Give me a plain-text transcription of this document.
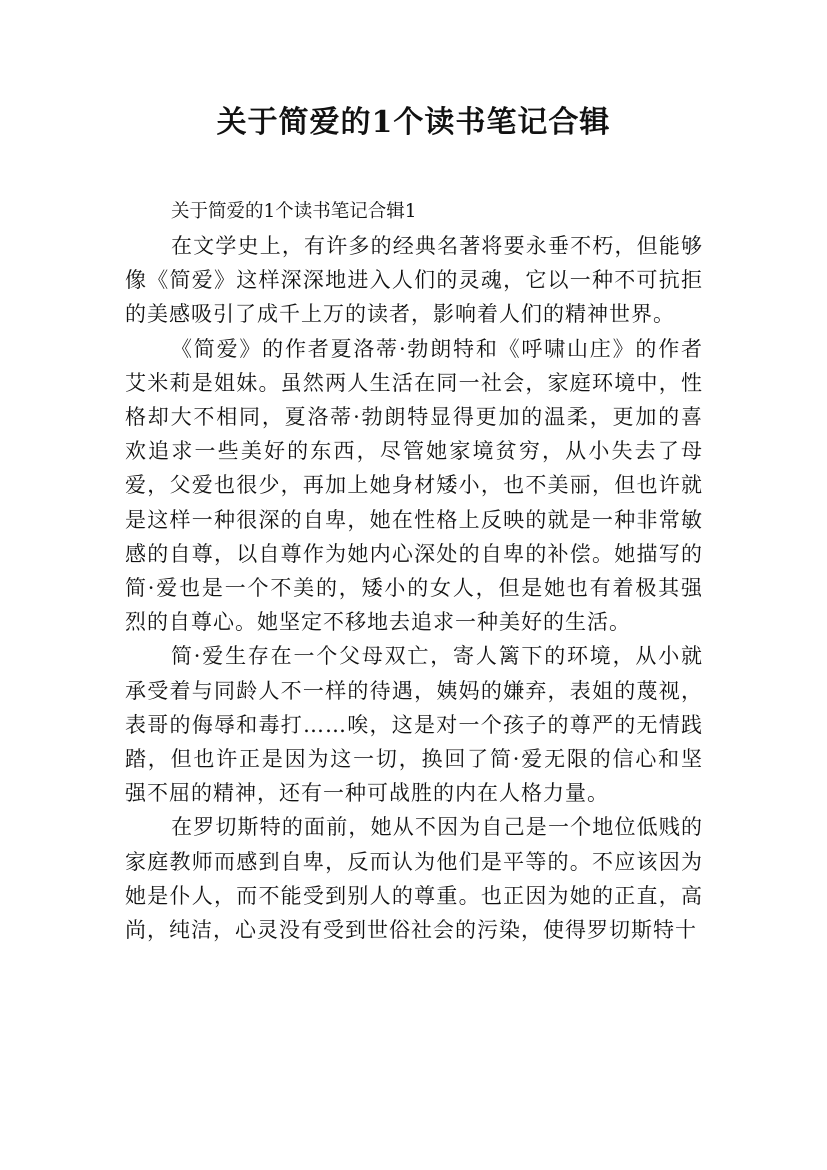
关于简爱的1个读书笔记合辑

关于简爱的1个读书笔记合辑1

在文学史上，有许多的经典名著将要永垂不朽，但能够像《简爱》这样深深地进入人们的灵魂，它以一种不可抗拒的美感吸引了成千上万的读者，影响着人们的精神世界。

《简爱》的作者夏洛蒂·勃朗特和《呼啸山庄》的作者艾米莉是姐妹。虽然两人生活在同一社会，家庭环境中，性格却大不相同，夏洛蒂·勃朗特显得更加的温柔，更加的喜欢追求一些美好的东西，尽管她家境贫穷，从小失去了母爱，父爱也很少，再加上她身材矮小，也不美丽，但也许就是这样一种很深的自卑，她在性格上反映的就是一种非常敏感的自尊，以自尊作为她内心深处的自卑的补偿。她描写的简·爱也是一个不美的，矮小的女人，但是她也有着极其强烈的自尊心。她坚定不移地去追求一种美好的生活。

简·爱生存在一个父母双亡，寄人篱下的环境，从小就承受着与同龄人不一样的待遇，姨妈的嫌弃，表姐的蔑视，表哥的侮辱和毒打……唉，这是对一个孩子的尊严的无情践踏，但也许正是因为这一切，换回了简·爱无限的信心和坚强不屈的精神，还有一种可战胜的内在人格力量。

在罗切斯特的面前，她从不因为自己是一个地位低贱的家庭教师而感到自卑，反而认为他们是平等的。不应该因为她是仆人，而不能受到别人的尊重。也正因为她的正直，高尚，纯洁，心灵没有受到世俗社会的污染，使得罗切斯特十
